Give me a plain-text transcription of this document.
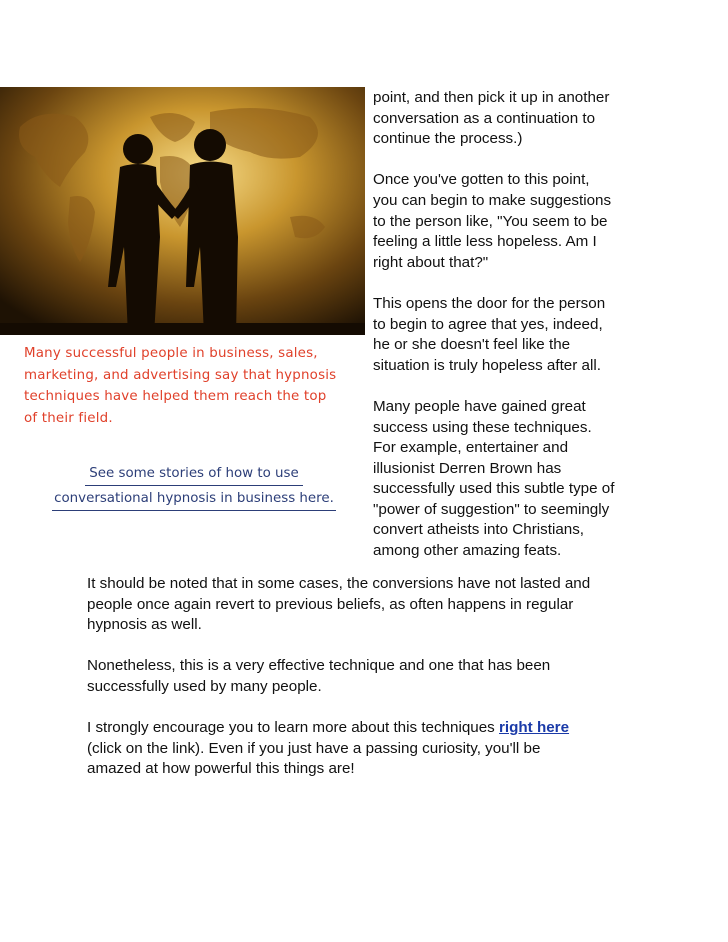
point, and then pick it up in another
conversation as a continuation to
continue the process.)

Once you've gotten to this point,
you can begin to make suggestions
to the person like, "You seem to be
feeling a little less hopeless. Am I
right about that?"

This opens the door for the person
to begin to agree that yes, indeed,
he or she doesn't feel like the
situation is truly hopeless after all.

Many people have gained great
success using these techniques.
For example, entertainer and
illusionist Derren Brown has
successfully used this subtle type of
"power of suggestion" to seemingly
convert atheists into Christians,
among other amazing feats.

Many successful people in business, sales,
marketing, and advertising say that hypnosis
techniques have helped them reach the top
of their field.
See some stories of how to use
conversational hypnosis in business here.

It should be noted that in some cases, the conversions have not lasted and
people once again revert to previous beliefs, as often happens in regular
hypnosis as well.

Nonetheless, this is a very effective technique and one that has been
successfully used by many people.

I strongly encourage you to learn more about this techniques right here
(click on the link). Even if you just have a passing curiosity, you'll be
amazed at how powerful this things are!
